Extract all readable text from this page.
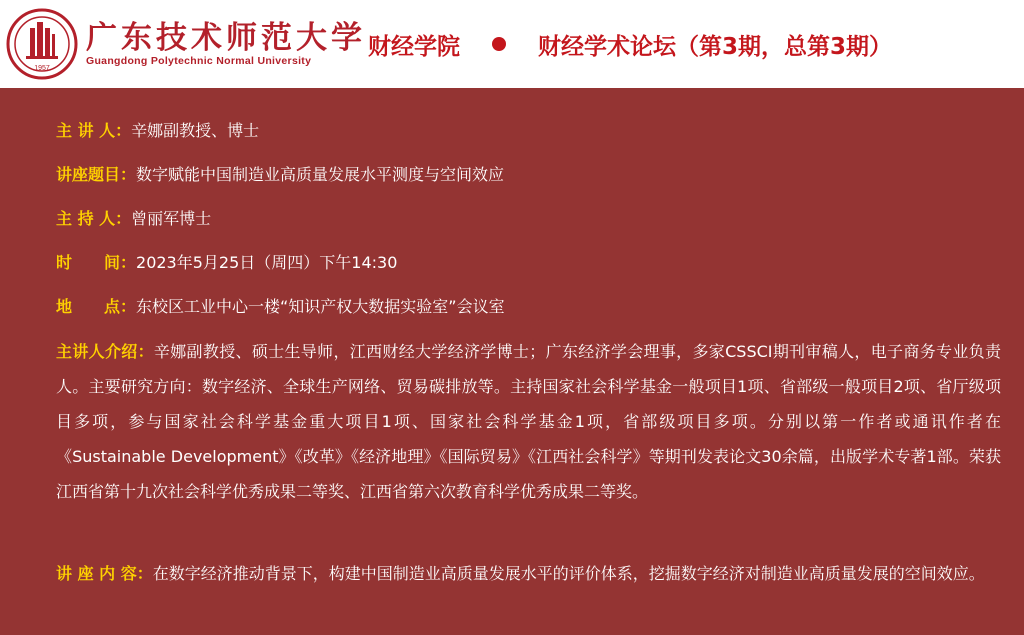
1957
广东技术师范大学
Guangdong Polytechnic Normal University
财经学院	财经学术论坛（第3期，总第3期）
主 讲 人：辛娜副教授、博士
讲座题目：数字赋能中国制造业高质量发展水平测度与空间效应
主 持 人：曾丽军博士
时　　间：2023年5月25日（周四）下午14:30
地　　点：东校区工业中心一楼“知识产权大数据实验室”会议室
主讲人介绍：辛娜副教授、硕士生导师，江西财经大学经济学博士；广东经济学会理事，多家CSSCI期刊审稿人，电子商务专业负责人。主要研究方向：数字经济、全球生产网络、贸易碳排放等。主持国家社会科学基金一般项目1项、省部级一般项目2项、省厅级项目多项，参与国家社会科学基金重大项目1项、国家社会科学基金1项，省部级项目多项。分别以第一作者或通讯作者在《Sustainable Development》《改革》《经济地理》《国际贸易》《江西社会科学》等期刊发表论文30余篇，出版学术专著1部。荣获江西省第十九次社会科学优秀成果二等奖、江西省第六次教育科学优秀成果二等奖。
讲 座 内 容：在数字经济推动背景下，构建中国制造业高质量发展水平的评价体系，挖掘数字经济对制造业高质量发展的空间效应。
